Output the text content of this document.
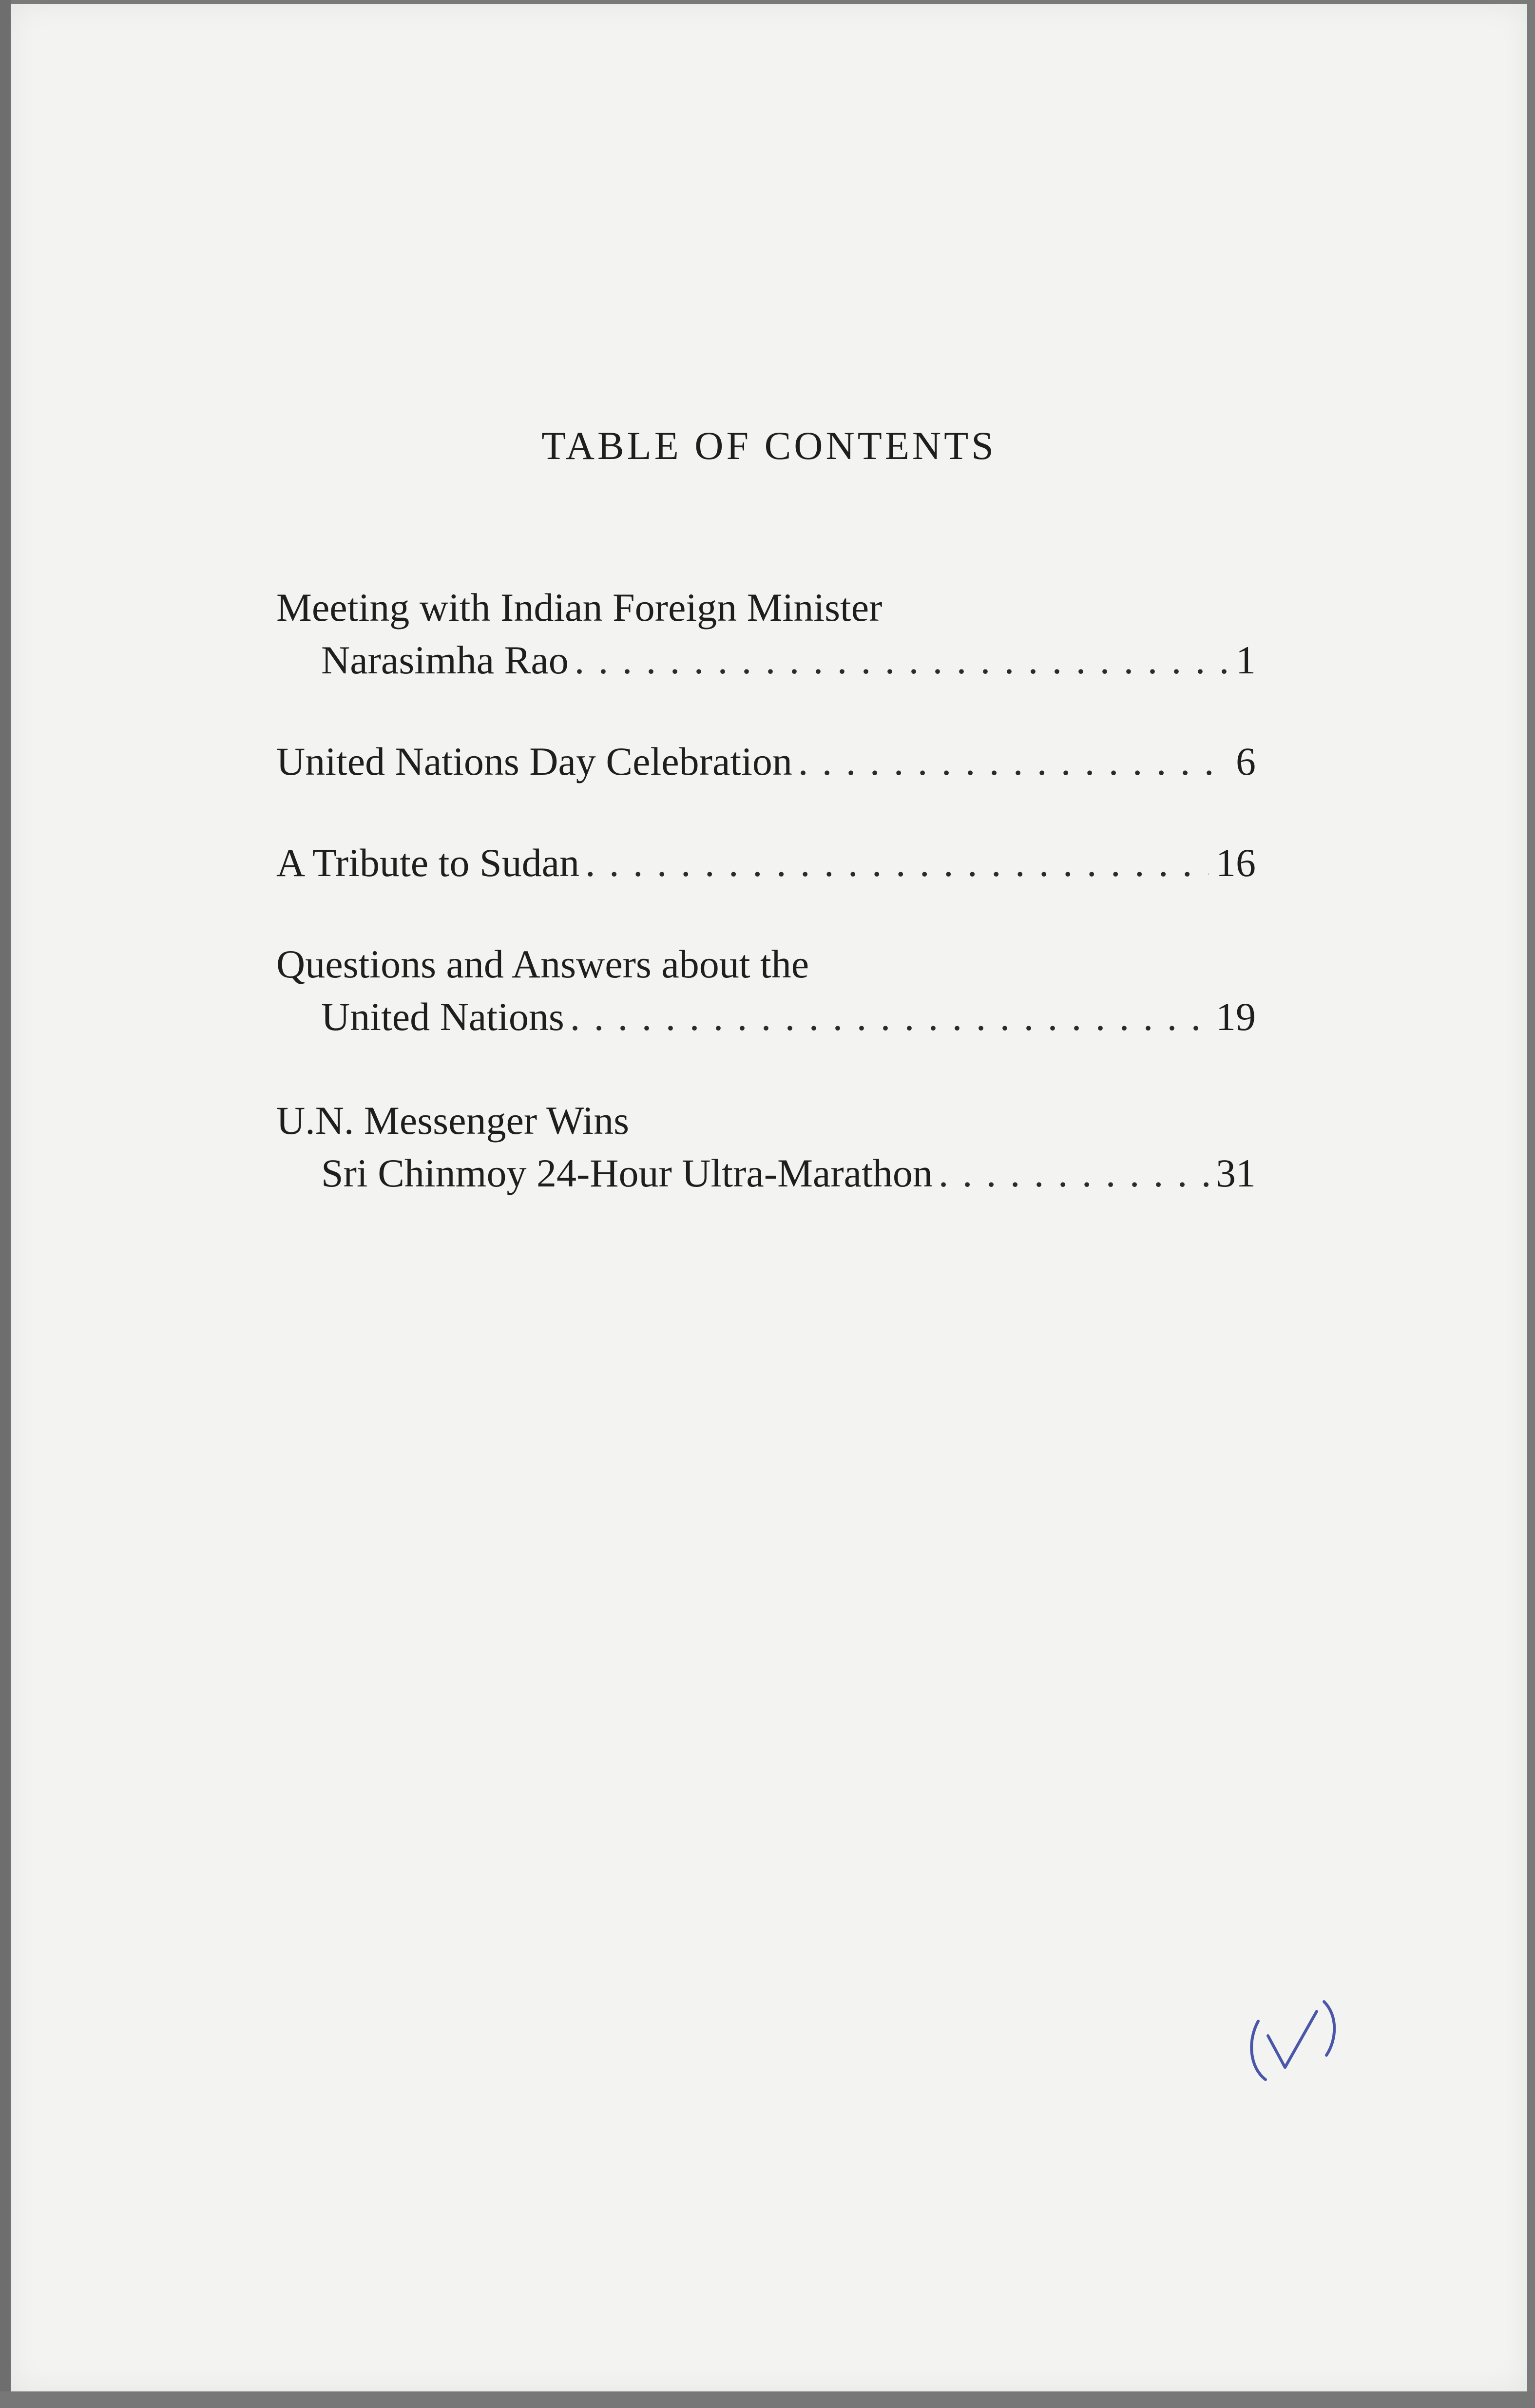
TABLE OF CONTENTS
Meeting with Indian Foreign Minister
Narasimha Rao . . .	1
United Nations Day Celebration . . .	6
A Tribute to Sudan . . .	16
Questions and Answers about the
United Nations . . .	19
U.N. Messenger Wins
Sri Chinmoy 24-Hour Ultra-Marathon . . .	31
